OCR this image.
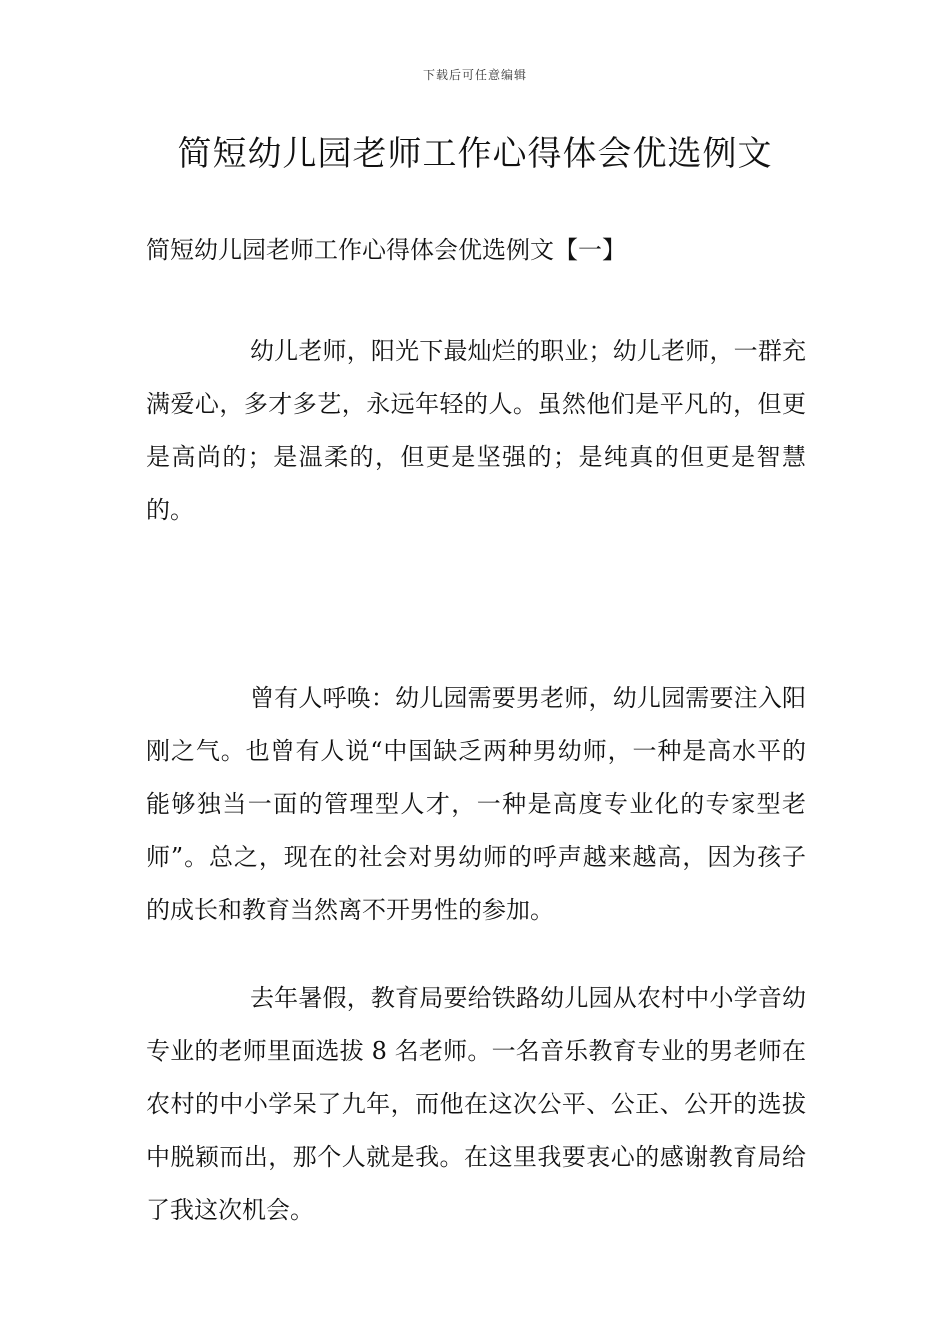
下载后可任意编辑
简短幼儿园老师工作心得体会优选例文
简短幼儿园老师工作心得体会优选例文【一】

幼儿老师，阳光下最灿烂的职业；幼儿老师，一群充满爱心，多才多艺，永远年轻的人。虽然他们是平凡的，但更是高尚的；是温柔的，但更是坚强的；是纯真的但更是智慧的。

曾有人呼唤：幼儿园需要男老师，幼儿园需要注入阳刚之气。也曾有人说“中国缺乏两种男幼师，一种是高水平的能够独当一面的管理型人才，一种是高度专业化的专家型老师”。总之，现在的社会对男幼师的呼声越来越高，因为孩子的成长和教育当然离不开男性的参加。

去年暑假，教育局要给铁路幼儿园从农村中小学音幼专业的老师里面选拔 8 名老师。一名音乐教育专业的男老师在农村的中小学呆了九年，而他在这次公平、公正、公开的选拔中脱颖而出，那个人就是我。在这里我要衷心的感谢教育局给了我这次机会。
